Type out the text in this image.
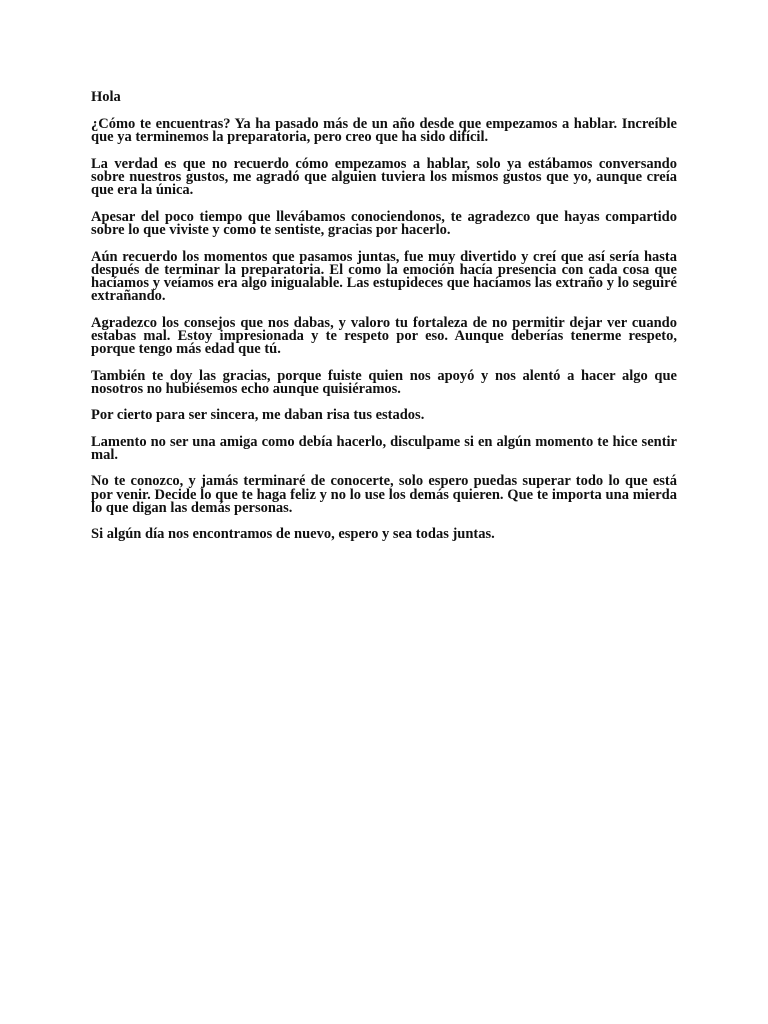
Hola

¿Cómo te encuentras? Ya ha pasado más de un año desde que empezamos a hablar. Increíble que ya terminemos la preparatoria, pero creo que ha sido difícil.

La verdad es que no recuerdo cómo empezamos a hablar, solo ya estábamos conversando sobre nuestros gustos, me agradó que alguien tuviera los mismos gustos que yo, aunque creía que era la única.

Apesar del poco tiempo que llevábamos conociendonos, te agradezco que hayas compartido sobre lo que viviste y como te sentiste, gracias por hacerlo.

Aún recuerdo los momentos que pasamos juntas, fue muy divertido y creí que así sería hasta después de terminar la preparatoria. El como la emoción hacía presencia con cada cosa que hacíamos y veíamos era algo inigualable. Las estupideces que hacíamos las extraño y lo seguiré extrañando.

Agradezco los consejos que nos dabas, y valoro tu fortaleza de no permitir dejar ver cuando estabas mal. Estoy impresionada y te respeto por eso. Aunque deberías tenerme respeto, porque tengo más edad que tú.

También te doy las gracias, porque fuiste quien nos apoyó y nos alentó a hacer algo que nosotros no hubiésemos echo aunque quisiéramos.

Por cierto para ser sincera, me daban risa tus estados.

Lamento no ser una amiga como debía hacerlo, disculpame si en algún momento te hice sentir mal.

No te conozco, y jamás terminaré de conocerte, solo espero puedas superar todo lo que está por venir. Decide lo que te haga feliz y no lo use los demás quieren. Que te importa una mierda lo que digan las demás personas.

Si algún día nos encontramos de nuevo, espero y sea todas juntas.
